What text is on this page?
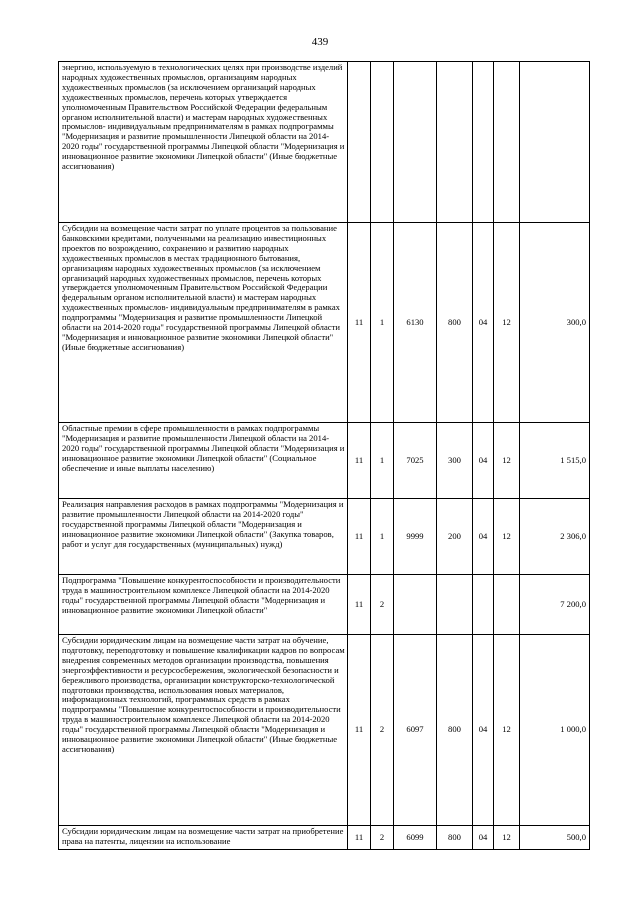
439
энергию, используемую в технологических целях при производстве изделий народных художественных промыслов, организациям народных художественных промыслов (за исключением организаций народных художественных промыслов, перечень которых утверждается уполномоченным Правительством Российской Федерации федеральным органом исполнительной власти) и мастерам народных художественных промыслов- индивидуальным предпринимателям в рамках подпрограммы "Модернизация и развитие промышленности Липецкой области на 2014-2020 годы" государственной программы Липецкой области "Модернизация и инновационное развитие экономики Липецкой области" (Иные бюджетные ассигнования)							
Субсидии на возмещение части затрат по уплате процентов за пользование банковскими кредитами, полученными на реализацию инвестиционных проектов по возрождению, сохранению и развитию народных художественных промыслов в местах традиционного бытования, организациям народных художественных промыслов (за исключением организаций народных художественных промыслов, перечень которых утверждается уполномоченным Правительством Российской Федерации федеральным органом исполнительной власти) и мастерам народных художественных промыслов- индивидуальным предпринимателям в рамках подпрограммы "Модернизация и развитие промышленности Липецкой области на 2014-2020 годы" государственной программы Липецкой области "Модернизация и инновационное развитие экономики Липецкой области" (Иные бюджетные ассигнования)	11	1	6130	800	04	12	300,0
Областные премии в сфере промышленности в рамках подпрограммы "Модернизация и развитие промышленности Липецкой области на 2014-2020 годы" государственной программы Липецкой области "Модернизация и инновационное развитие экономики Липецкой области" (Социальное обеспечение и иные выплаты населению)	11	1	7025	300	04	12	1 515,0
Реализация направления расходов в рамках подпрограммы "Модернизация и развитие промышленности Липецкой области на 2014-2020 годы" государственной программы Липецкой области "Модернизация и инновационное развитие экономики Липецкой области" (Закупка товаров, работ и услуг для государственных (муниципальных) нужд)	11	1	9999	200	04	12	2 306,0
Подпрограмма "Повышение конкурентоспособности и производительности труда в машиностроительном комплексе Липецкой области на 2014-2020 годы" государственной программы Липецкой области "Модернизация и инновационное развитие экономики Липецкой области"	11	2					7 200,0
Субсидии юридическим лицам на возмещение части затрат на обучение, подготовку, переподготовку и повышение квалификации кадров по вопросам внедрения современных методов организации производства, повышения энергоэффективности и ресурсосбережения, экологической безопасности и бережливого производства, организации конструкторско-технологической подготовки производства, использования новых материалов, информационных технологий, программных средств в рамках подпрограммы "Повышение конкурентоспособности и производительности труда в машиностроительном комплексе Липецкой области на 2014-2020 годы" государственной программы Липецкой области "Модернизация и инновационное развитие экономики Липецкой области" (Иные бюджетные ассигнования)	11	2	6097	800	04	12	1 000,0
Субсидии юридическим лицам на возмещение части затрат на приобретение права на патенты, лицензии на использование	11	2	6099	800	04	12	500,0
